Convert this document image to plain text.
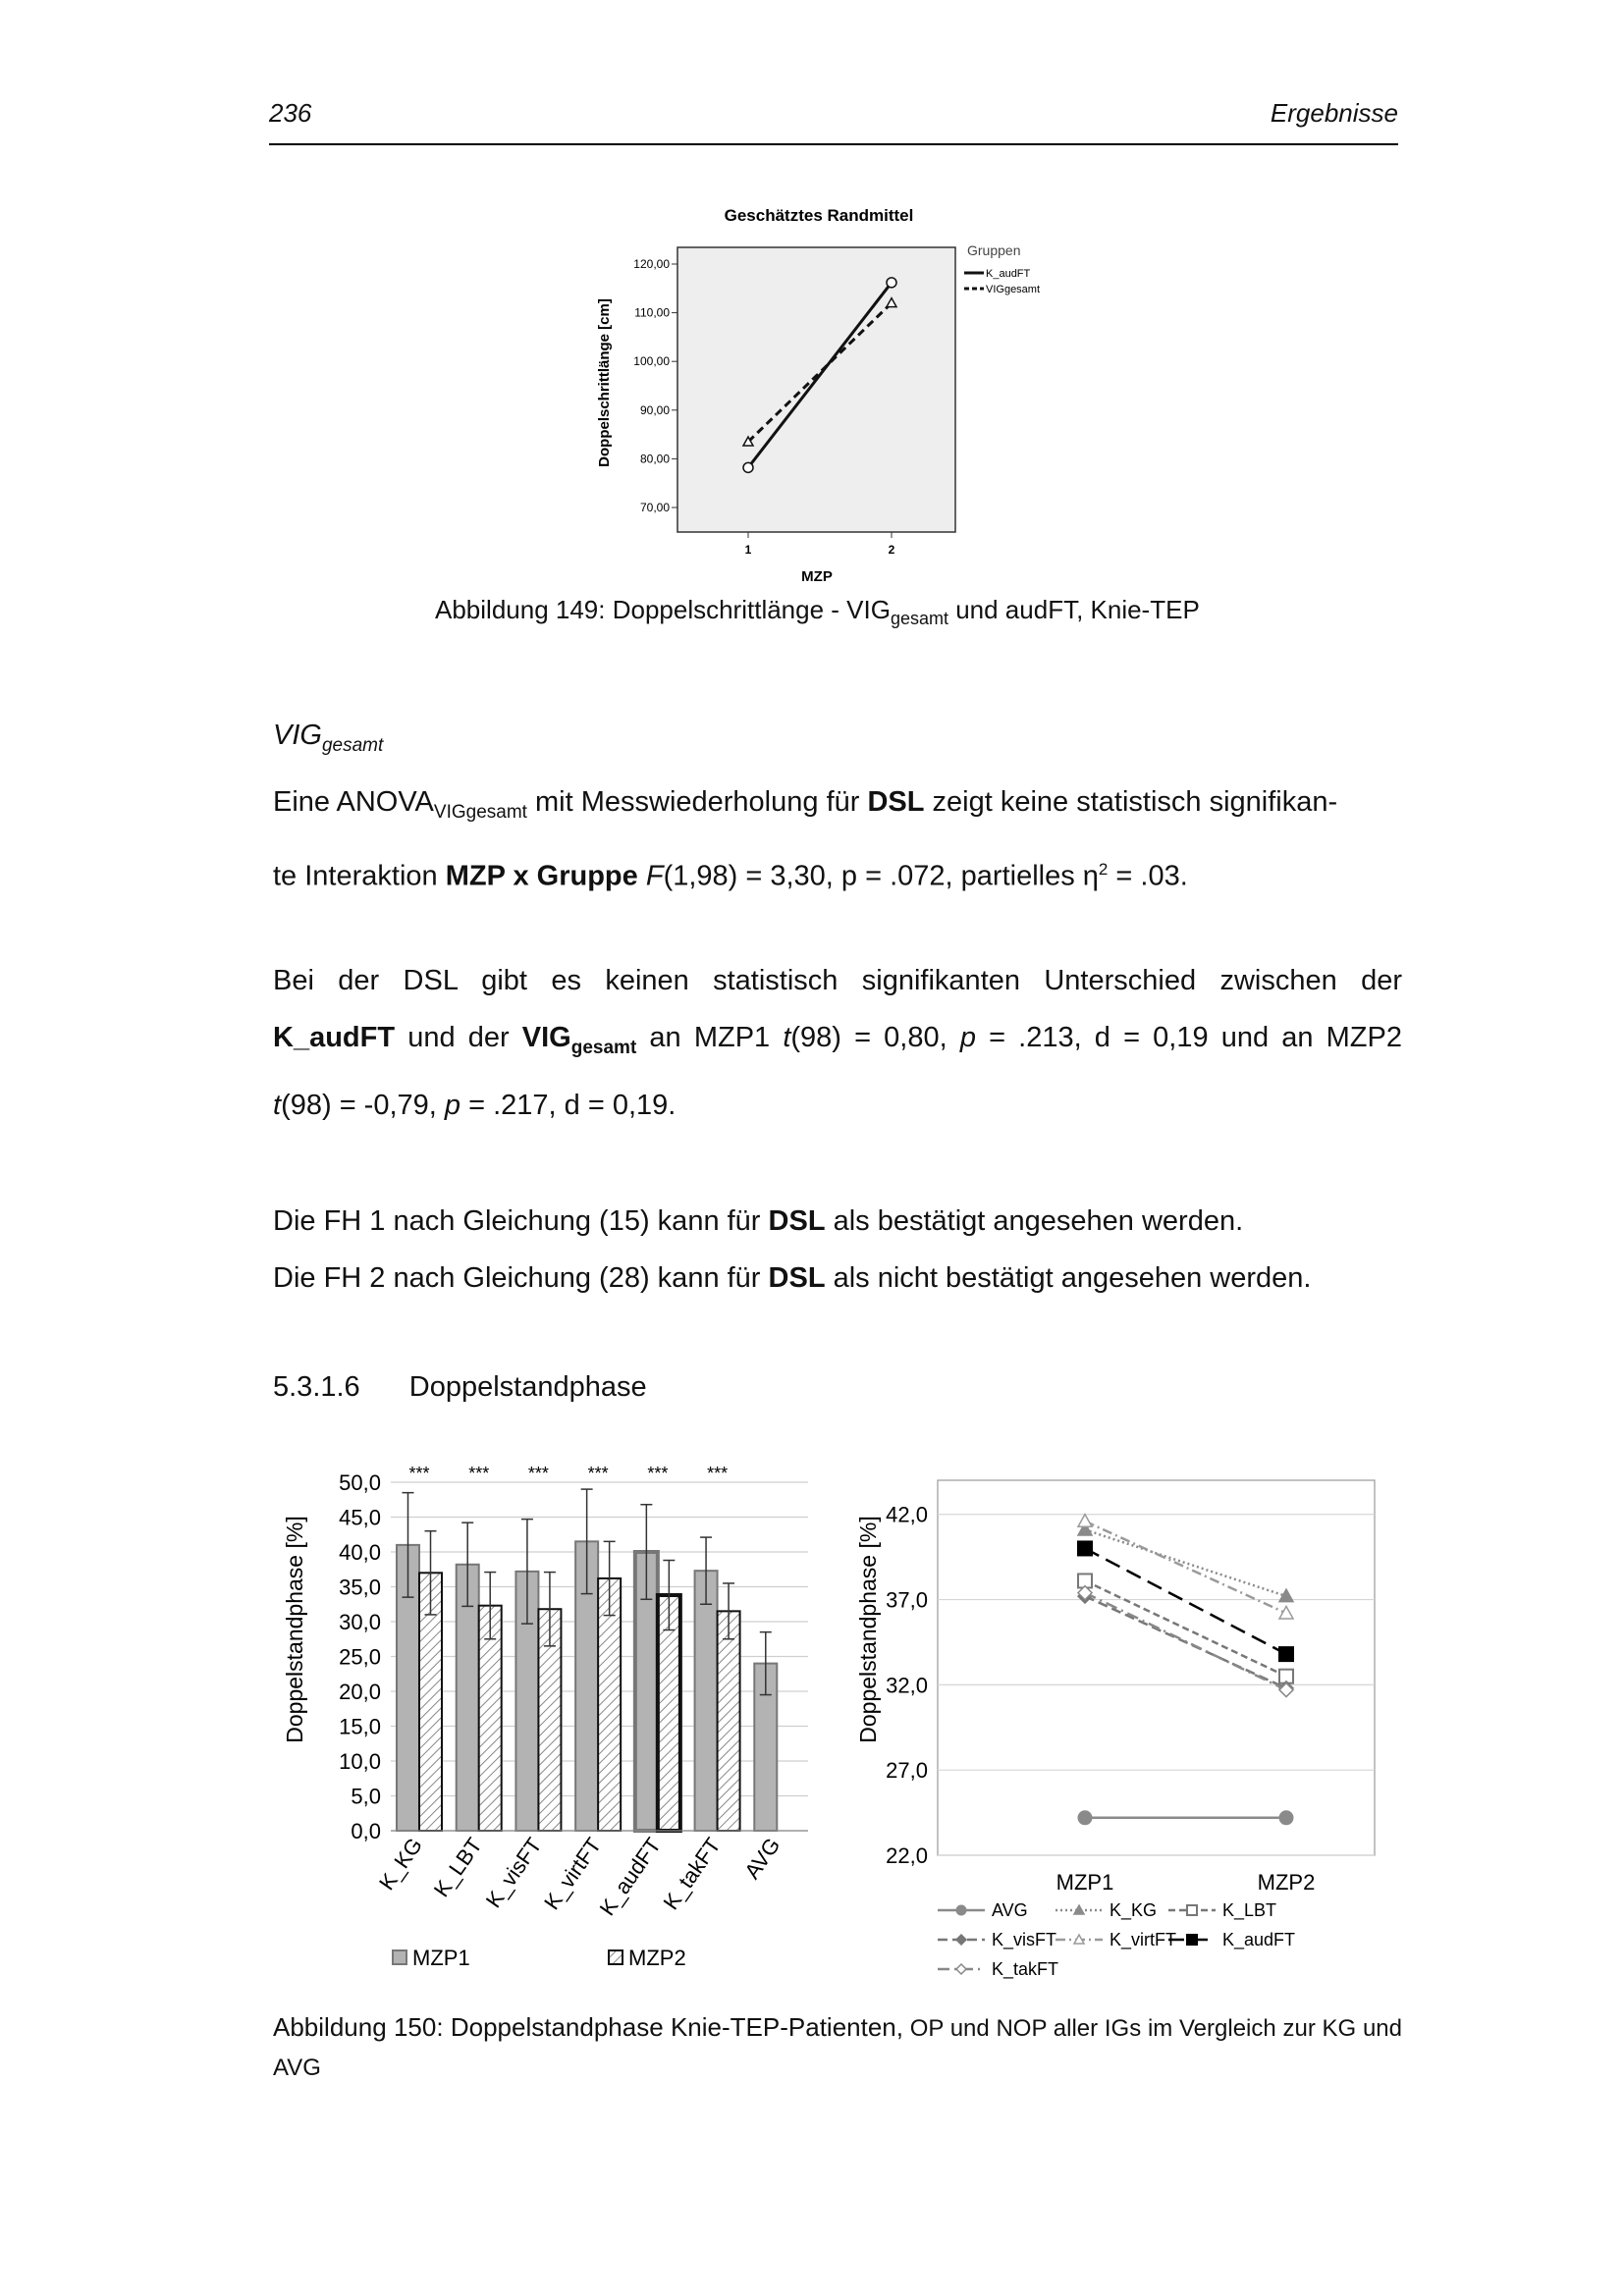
236	Ergebnisse
Geschätztes Randmittel
70,00
80,00
90,00
100,00
110,00
120,00
1	2
Doppelschrittlänge [cm]
MZP
Gruppen
K_audFT
VIGgesamt
Abbildung 149: Doppelschrittlänge - $VIG_{gesamt}$ und audFT, Knie-TEP
$VIG_{gesamt}$
Eine $ANOVA_{VIGgesamt}$ mit Messwiederholung für DSL zeigt keine statistisch signifikan-
te Interaktion MZP x Gruppe F(1,98) = 3,30, p = .072, partielles $\eta^2 = .03$.
Bei der DSL gibt es keinen statistisch signifikanten Unterschied zwischen der
K_audFT und der $VIG_{gesamt}$ an MZP1 t(98) = 0,80, p = .213, d = 0,19 und an MZP2
t(98) = -0,79, p = .217, d = 0,19.
Die FH 1 nach Gleichung (15) kann für DSL als bestätigt angesehen werden.
Die FH 2 nach Gleichung (28) kann für DSL als nicht bestätigt angesehen werden.
5.3.1.6 Doppelstandphase
0,0
5,0
10,0
15,0
20,0
25,0
30,0
35,0
40,0
45,0
50,0
Doppelstandphase [%]
*** *** *** *** *** ***
K_KG K_LBT
K_visFT
K_virtFT
K_audFT
K_takFT AVG
MZP1	MZP2
22,0
27,0
32,0
37,0
42,0
Doppelstandphase [%]
MZP1	MZP2
AVG	K_KG	K_LBT
K_visFT	K_virtFT	K_audFT
K_takFT
Abbildung 150: Doppelstandphase Knie-TEP-Patienten, OP und NOP aller IGs im Vergleich zur KG und AVG
